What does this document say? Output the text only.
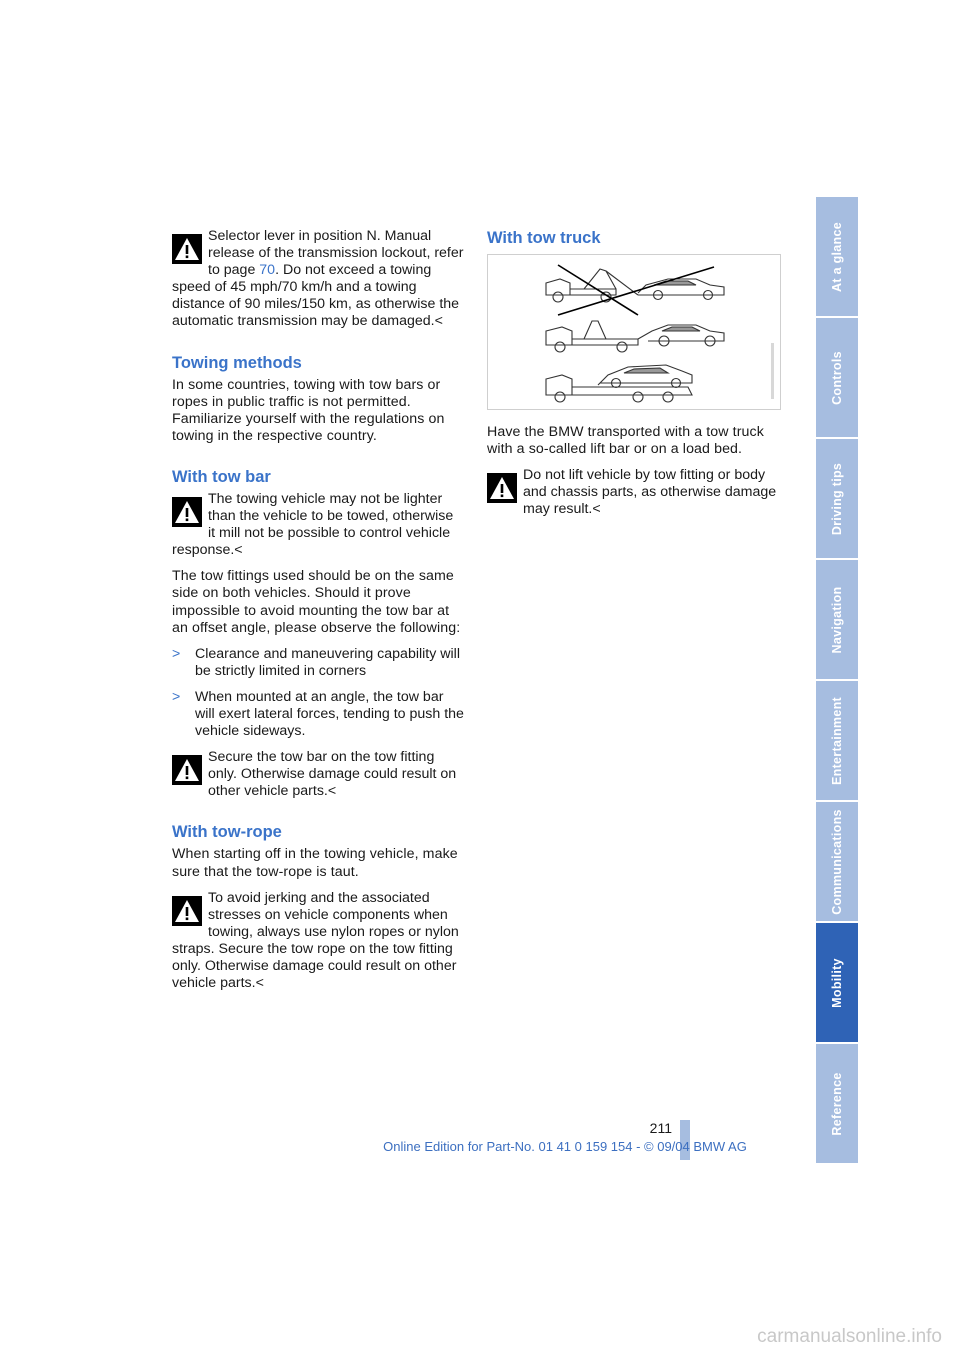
Selector lever in position N. Manual release of the transmission lockout, refer to page 70. Do not exceed a towing speed of 45 mph/70 km/h and a towing distance of 90 miles/150 km, as otherwise the automatic transmission may be damaged.<
Towing methods

In some countries, towing with tow bars or ropes in public traffic is not permitted. Familiarize yourself with the regulations on towing in the respective country.

With tow bar
The towing vehicle may not be lighter than the vehicle to be towed, otherwise it mill not be possible to control vehicle response.<

The tow fittings used should be on the same side on both vehicles. Should it prove impossible to avoid mounting the tow bar at an offset angle, please observe the following:

> Clearance and maneuvering capability will be strictly limited in corners
> When mounted at an angle, the tow bar will exert lateral forces, tending to push the vehicle sideways.
Secure the tow bar on the tow fitting only. Otherwise damage could result on other vehicle parts.<
With tow-rope

When starting off in the towing vehicle, make sure that the tow-rope is taut.

To avoid jerking and the associated stresses on vehicle components when towing, always use nylon ropes or nylon straps. Secure the tow rope on the tow fitting only. Otherwise damage could result on other vehicle parts.<
With tow truck

Have the BMW transported with a tow truck with a so-called lift bar or on a load bed.

Do not lift vehicle by tow fitting or body and chassis parts, as otherwise damage may result.<
At a glance
Controls
Driving tips
Navigation
Entertainment
Communications
Mobility
Reference
211
Online Edition for Part-No. 01 41 0 159 154 - © 09/04 BMW AG
carmanualsonline.info
